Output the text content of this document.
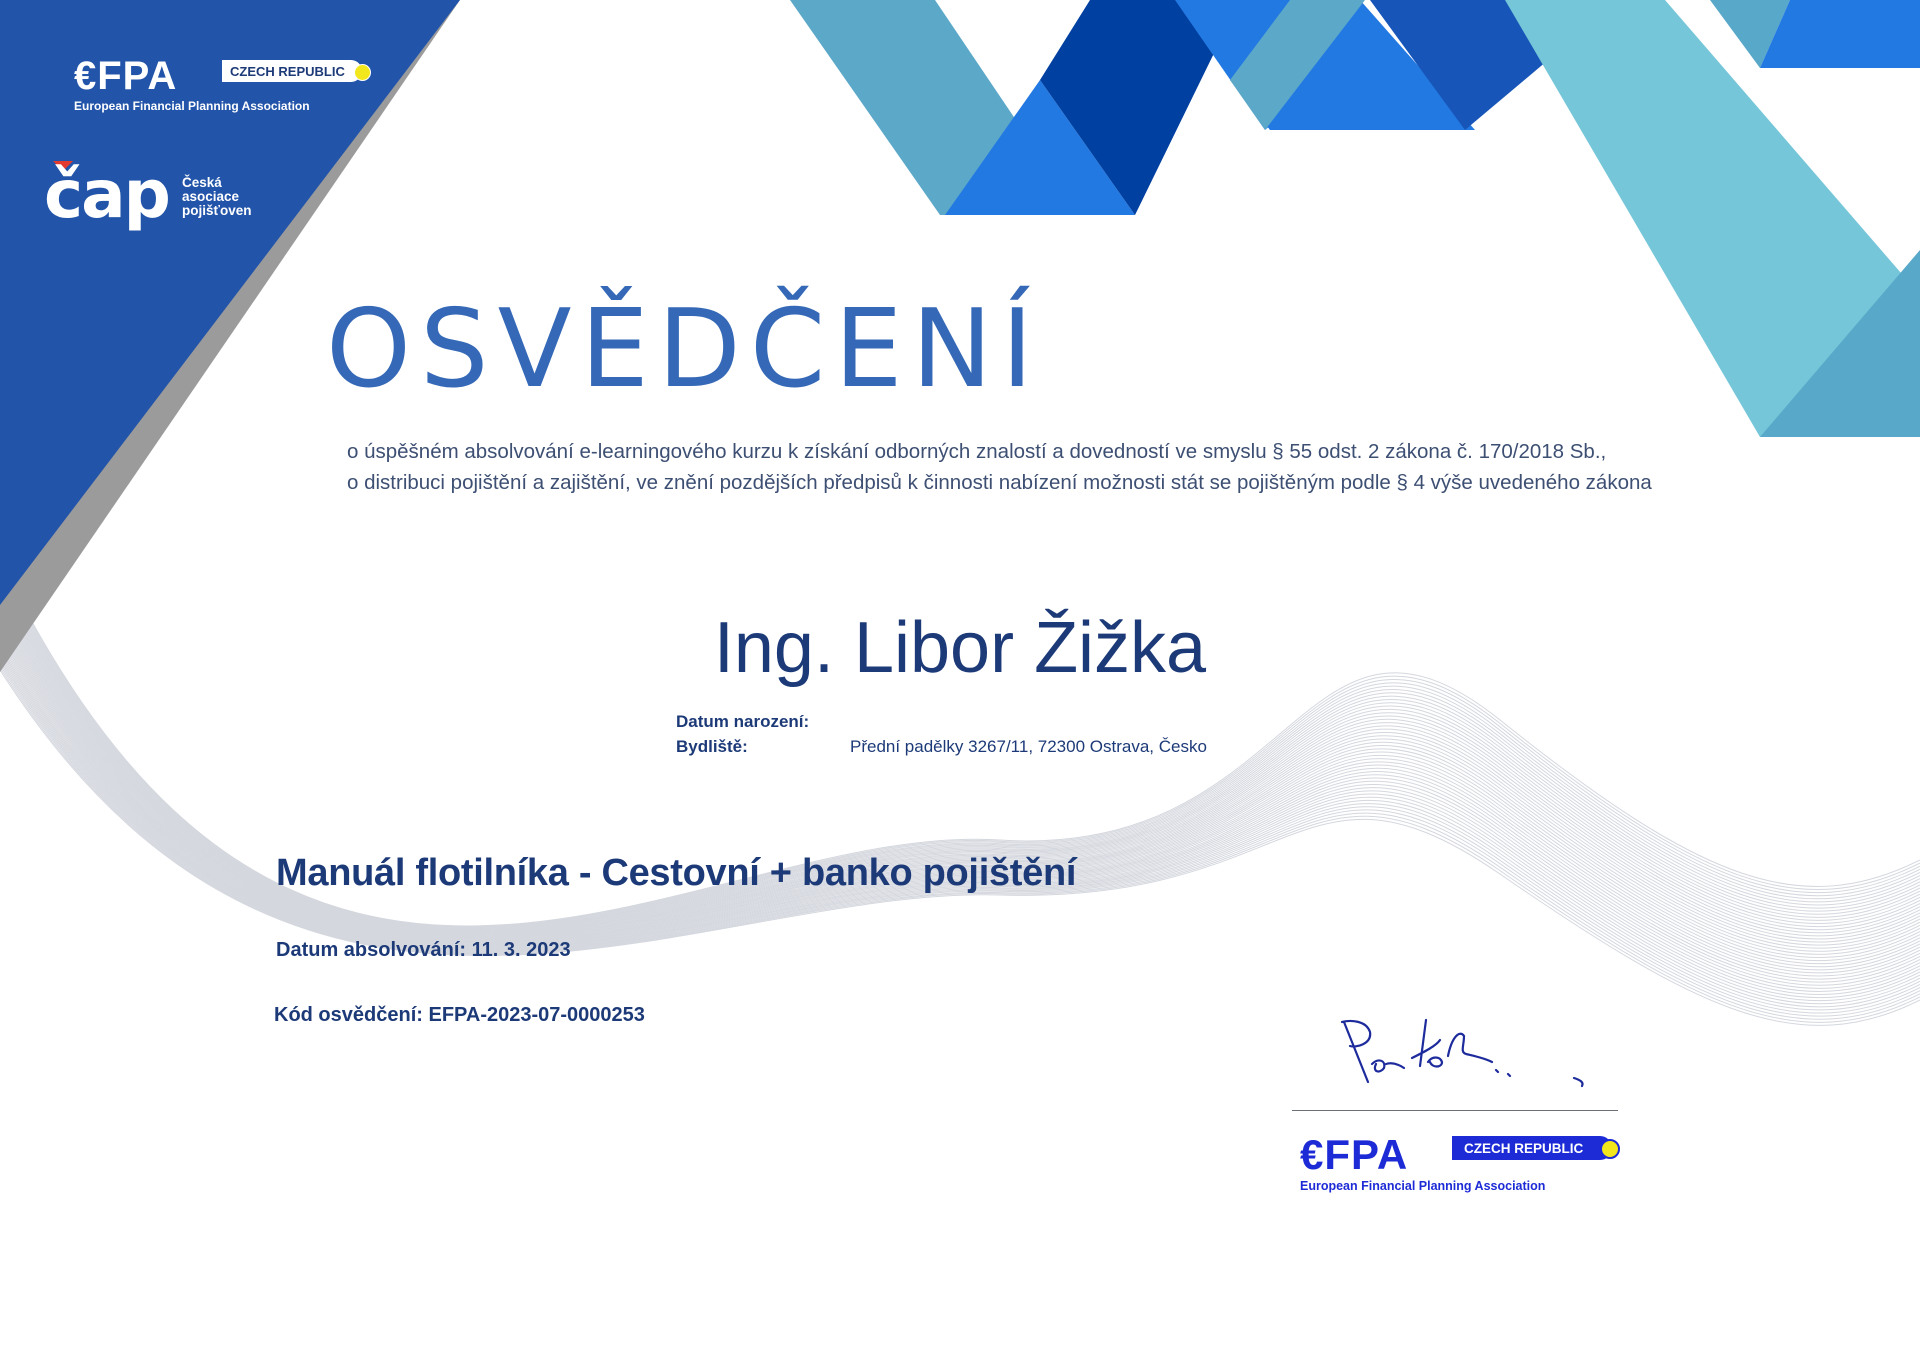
€FPA	CZECH REPUBLIC
European Financial Planning Association
čap Česká
asociace
pojišťoven
OSVĚDČENÍ
o úspěšném absolvování e-learningového kurzu k získání odborných znalostí a dovedností ve smyslu § 55 odst. 2 zákona č. 170/2018 Sb.,
o distribuci pojištění a zajištění, ve znění pozdějších předpisů k činnosti nabízení možnosti stát se pojištěným podle § 4 výše uvedeného zákona
Ing. Libor Žižka
Datum narození:
Bydliště:	Přední padělky 3267/11, 72300 Ostrava, Česko
Manuál flotilníka - Cestovní + banko pojištění
Datum absolvování: 11. 3. 2023
Kód osvědčení: EFPA-2023-07-0000253
€FPA	CZECH REPUBLIC
European Financial Planning Association
